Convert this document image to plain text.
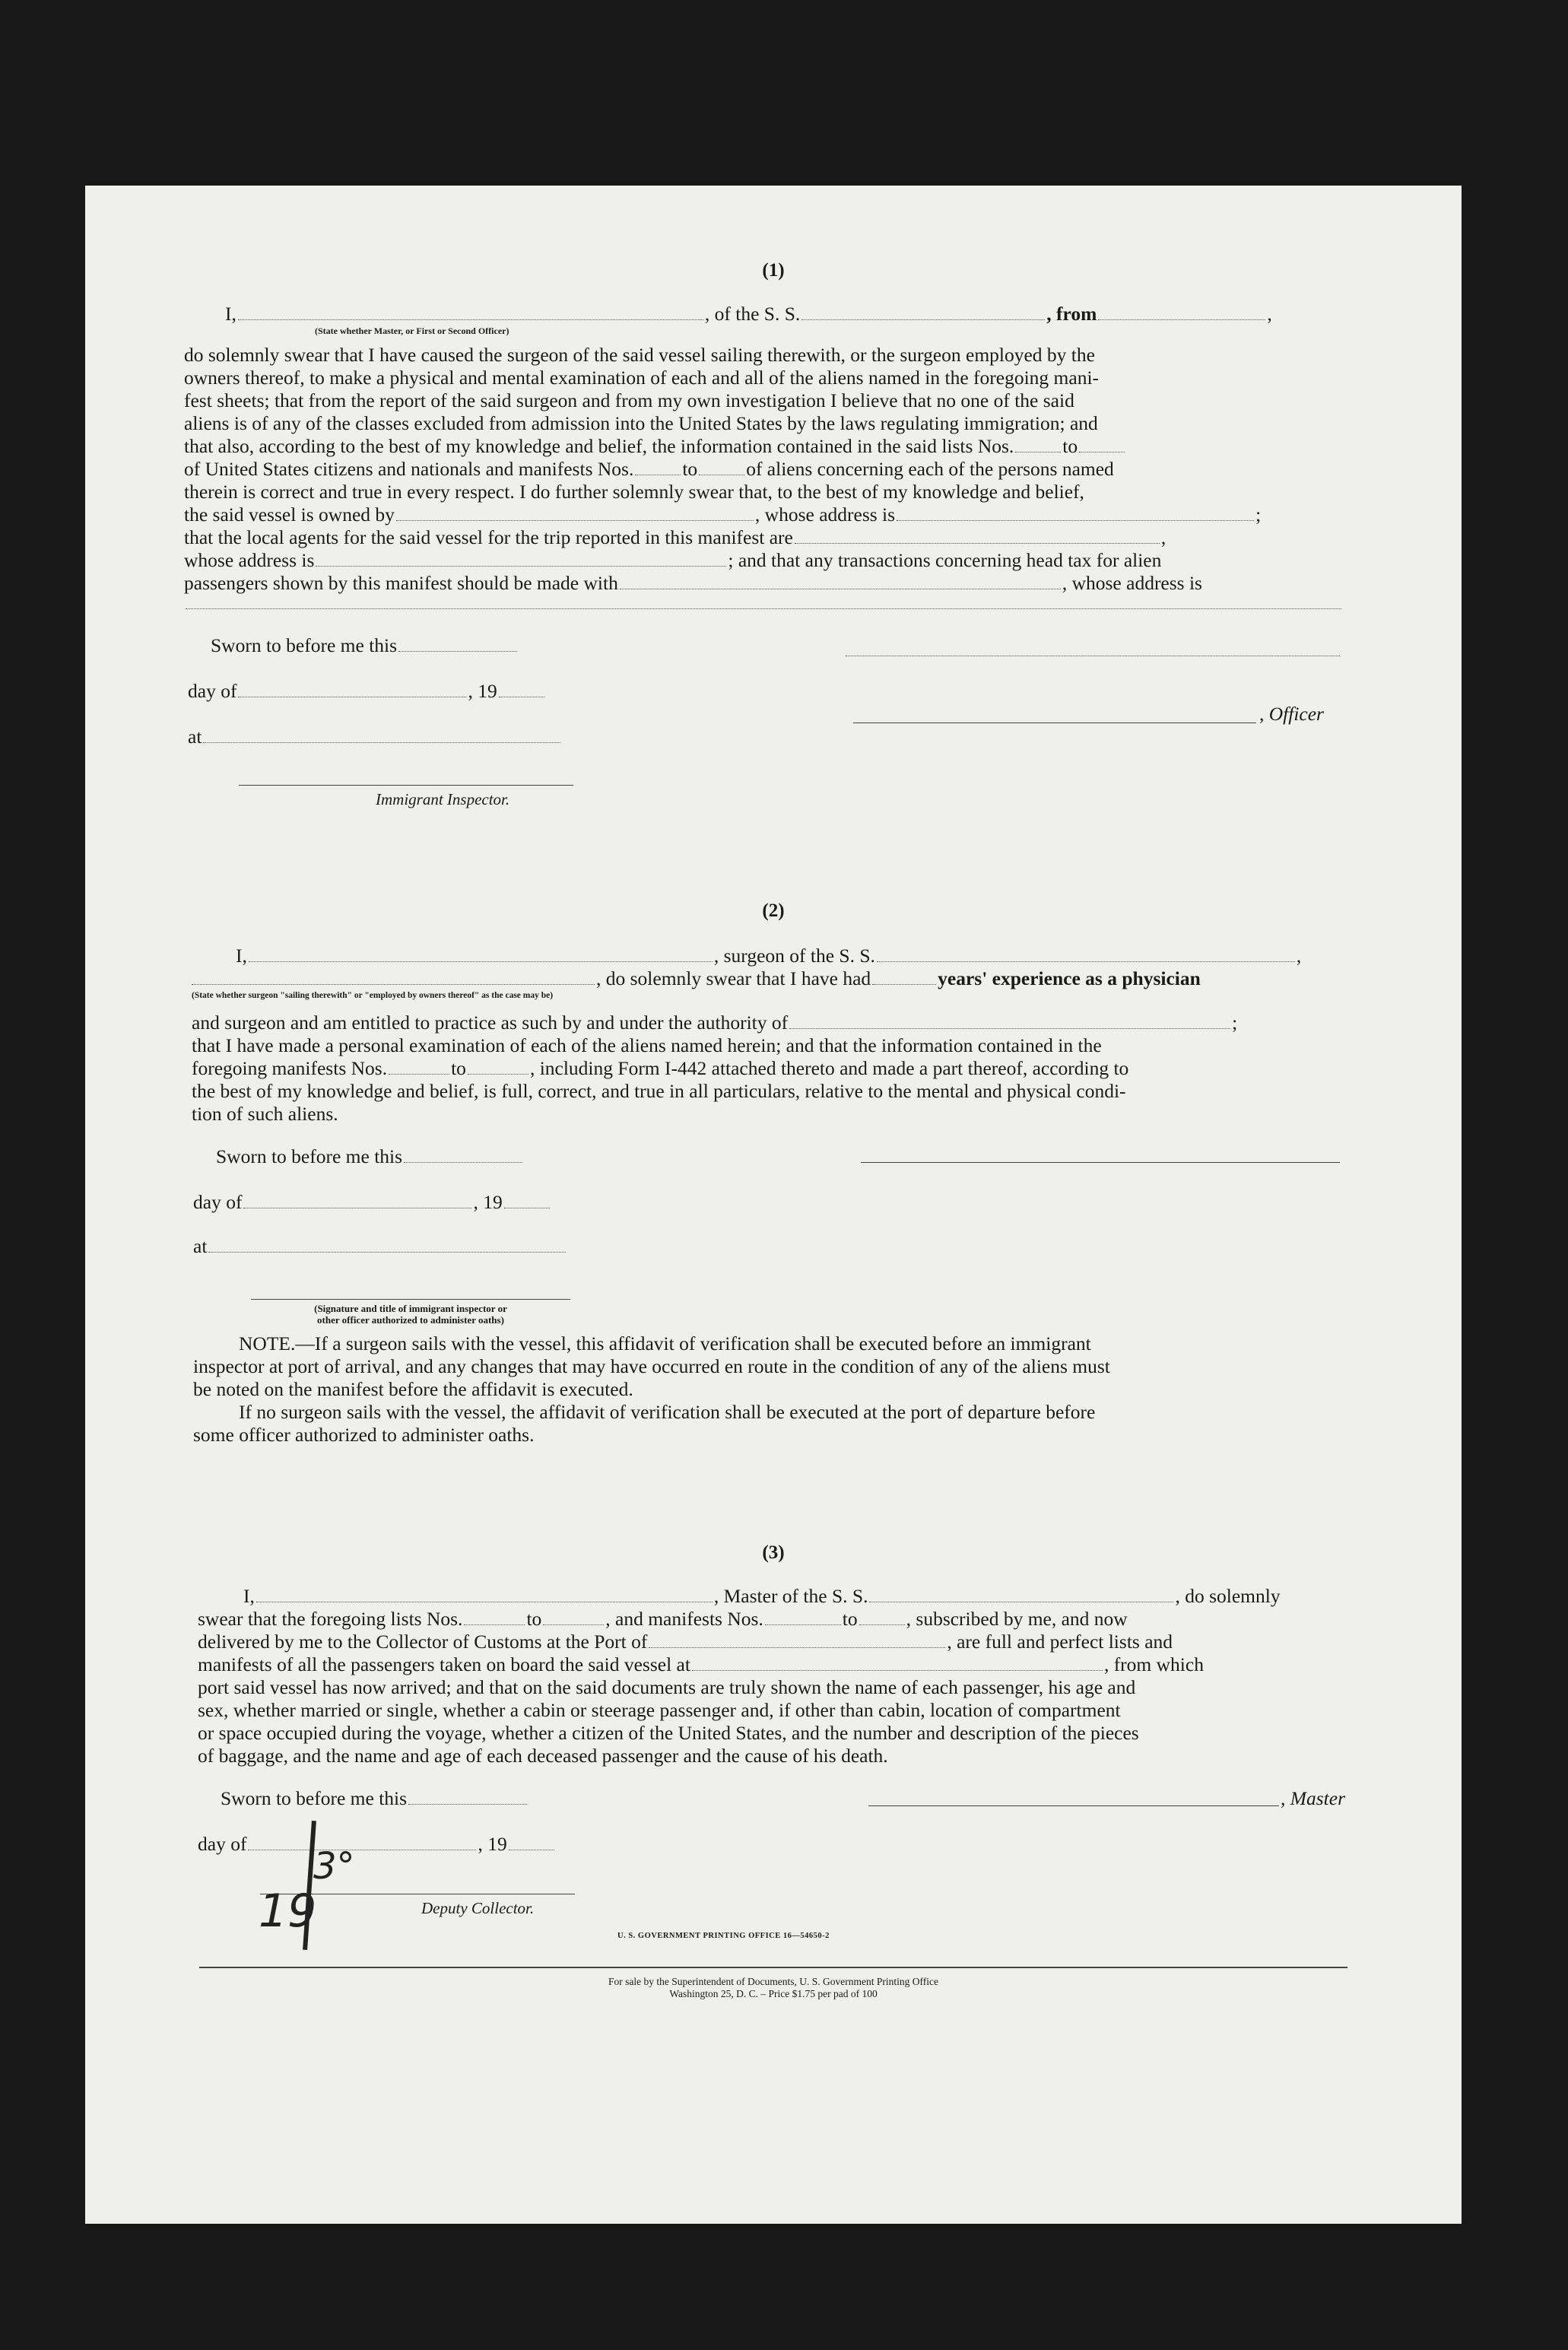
(1)
I,	, of the S. S.	, from	,
(State whether Master, or First or Second Officer)
do solemnly swear that I have caused the surgeon of the said vessel sailing therewith, or the surgeon employed by the
owners thereof, to make a physical and mental examination of each and all of the aliens named in the foregoing mani-
fest sheets; that from the report of the said surgeon and from my own investigation I believe that no one of the said
aliens is of any of the classes excluded from admission into the United States by the laws regulating immigration; and
that also, according to the best of my knowledge and belief, the information contained in the said lists Nos.	to
of United States citizens and nationals and manifests Nos.	to	of aliens concerning each of the persons named
therein is correct and true in every respect. I do further solemnly swear that, to the best of my knowledge and belief,
the said vessel is owned by	, whose address is	;
that the local agents for the said vessel for the trip reported in this manifest are	,
whose address is	; and that any transactions concerning head tax for alien
passengers shown by this manifest should be made with	, whose address is
Sworn to before me this
day of	, 19
, Officer
at
Immigrant Inspector.
(2)
I,	, surgeon of the S. S.	,
, do solemnly swear that I have had	years' experience as a physician
(State whether surgeon "sailing therewith" or "employed by owners thereof" as the case may be)
and surgeon and am entitled to practice as such by and under the authority of	;
that I have made a personal examination of each of the aliens named herein; and that the information contained in the
foregoing manifests Nos.	to	, including Form I-442 attached thereto and made a part thereof, according to
the best of my knowledge and belief, is full, correct, and true in all particulars, relative to the mental and physical condi-
tion of such aliens.
Sworn to before me this
day of	, 19
at
(Signature and title of immigrant inspector or
other officer authorized to administer oaths)
NOTE.—If a surgeon sails with the vessel, this affidavit of verification shall be executed before an immigrant
inspector at port of arrival, and any changes that may have occurred en route in the condition of any of the aliens must
be noted on the manifest before the affidavit is executed.
If no surgeon sails with the vessel, the affidavit of verification shall be executed at the port of departure before
some officer authorized to administer oaths.
(3)
I,	, Master of the S. S.	, do solemnly
swear that the foregoing lists Nos.	to	, and manifests Nos.	to	, subscribed by me, and now
delivered by me to the Collector of Customs at the Port of	, are full and perfect lists and
manifests of all the passengers taken on board the said vessel at	, from which
port said vessel has now arrived; and that on the said documents are truly shown the name of each passenger, his age and
sex, whether married or single, whether a cabin or steerage passenger and, if other than cabin, location of compartment
or space occupied during the voyage, whether a citizen of the United States, and the number and description of the pieces
of baggage, and the name and age of each deceased passenger and the cause of his death.
Sworn to before me this	, Master
day of	, 19
Deputy Collector.
19
3°
U. S. GOVERNMENT PRINTING OFFICE 16—54650-2
For sale by the Superintendent of Documents, U. S. Government Printing Office
Washington 25, D. C. – Price $1.75 per pad of 100
